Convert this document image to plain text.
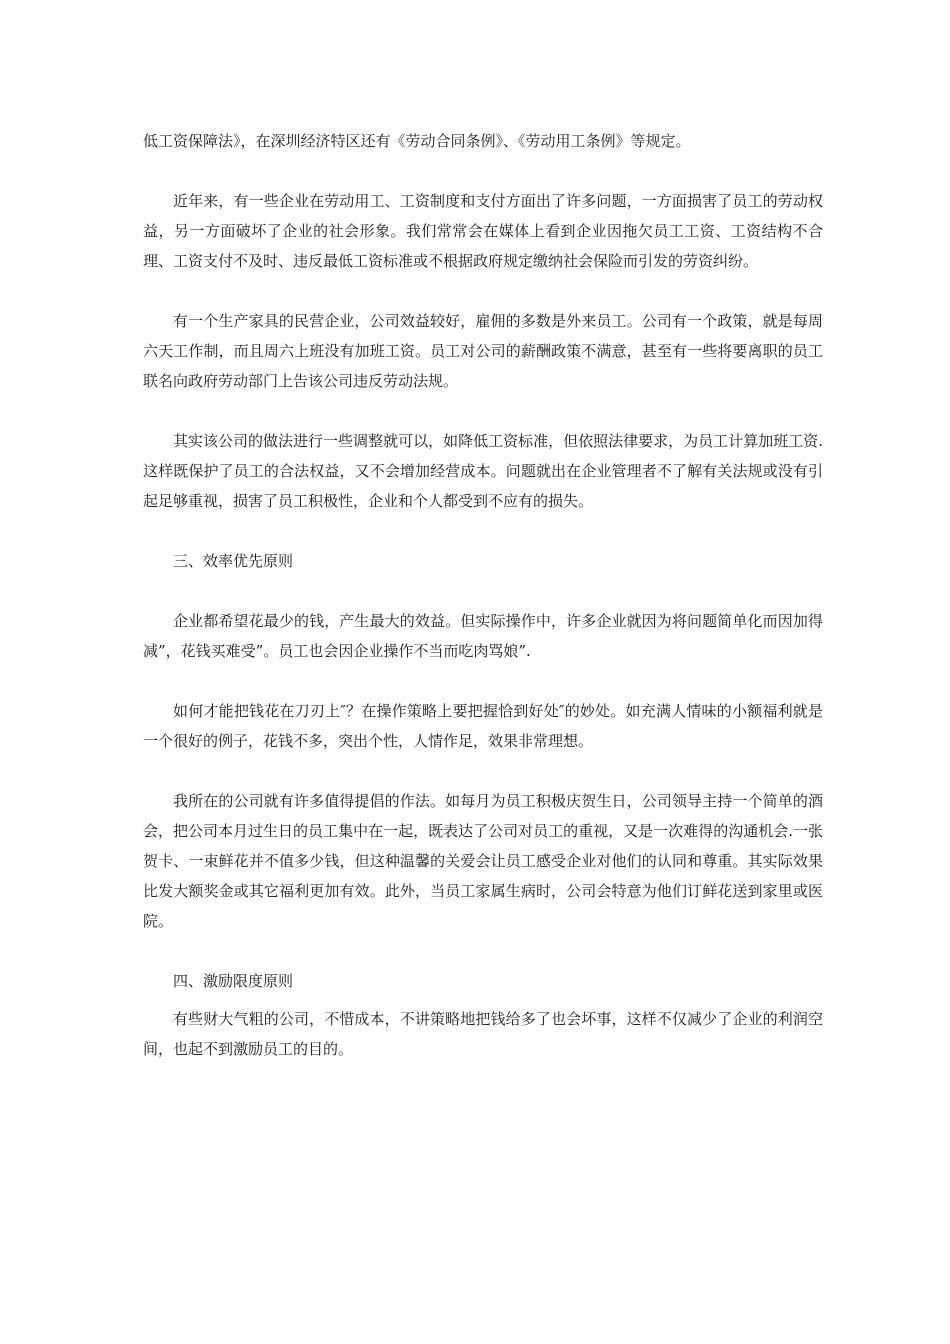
低工资保障法》，在深圳经济特区还有《劳动合同条例》、《劳动用工条例》等规定。

近年来，有一些企业在劳动用工、工资制度和支付方面出了许多问题，一方面损害了员工的劳动权益，另一方面破坏了企业的社会形象。我们常常会在媒体上看到企业因拖欠员工工资、工资结构不合理、工资支付不及时、违反最低工资标准或不根据政府规定缴纳社会保险而引发的劳资纠纷。

有一个生产家具的民营企业，公司效益较好，雇佣的多数是外来员工。公司有一个政策，就是每周六天工作制，而且周六上班没有加班工资。员工对公司的薪酬政策不满意，甚至有一些将要离职的员工联名向政府劳动部门上告该公司违反劳动法规。

其实该公司的做法进行一些调整就可以，如降低工资标准，但依照法律要求，为员工计算加班工资.这样既保护了员工的合法权益，又不会增加经营成本。问题就出在企业管理者不了解有关法规或没有引起足够重视，损害了员工积极性，企业和个人都受到不应有的损失。

三、效率优先原则

企业都希望花最少的钱，产生最大的效益。但实际操作中，许多企业就因为将问题简单化而因加得减”，花钱买难受”。员工也会因企业操作不当而吃肉骂娘”.

如何才能把钱花在刀刃上″？在操作策略上要把握恰到好处″的妙处。如充满人情味的小额福利就是一个很好的例子，花钱不多，突出个性，人情作足，效果非常理想。

我所在的公司就有许多值得提倡的作法。如每月为员工积极庆贺生日，公司领导主持一个简单的酒会，把公司本月过生日的员工集中在一起，既表达了公司对员工的重视，又是一次难得的沟通机会.一张贺卡、一束鲜花并不值多少钱，但这种温馨的关爱会让员工感受企业对他们的认同和尊重。其实际效果比发大额奖金或其它福利更加有效。此外，当员工家属生病时，公司会特意为他们订鲜花送到家里或医院。

四、激励限度原则

有些财大气粗的公司，不惜成本，不讲策略地把钱给多了也会坏事，这样不仅减少了企业的利润空间，也起不到激励员工的目的。
